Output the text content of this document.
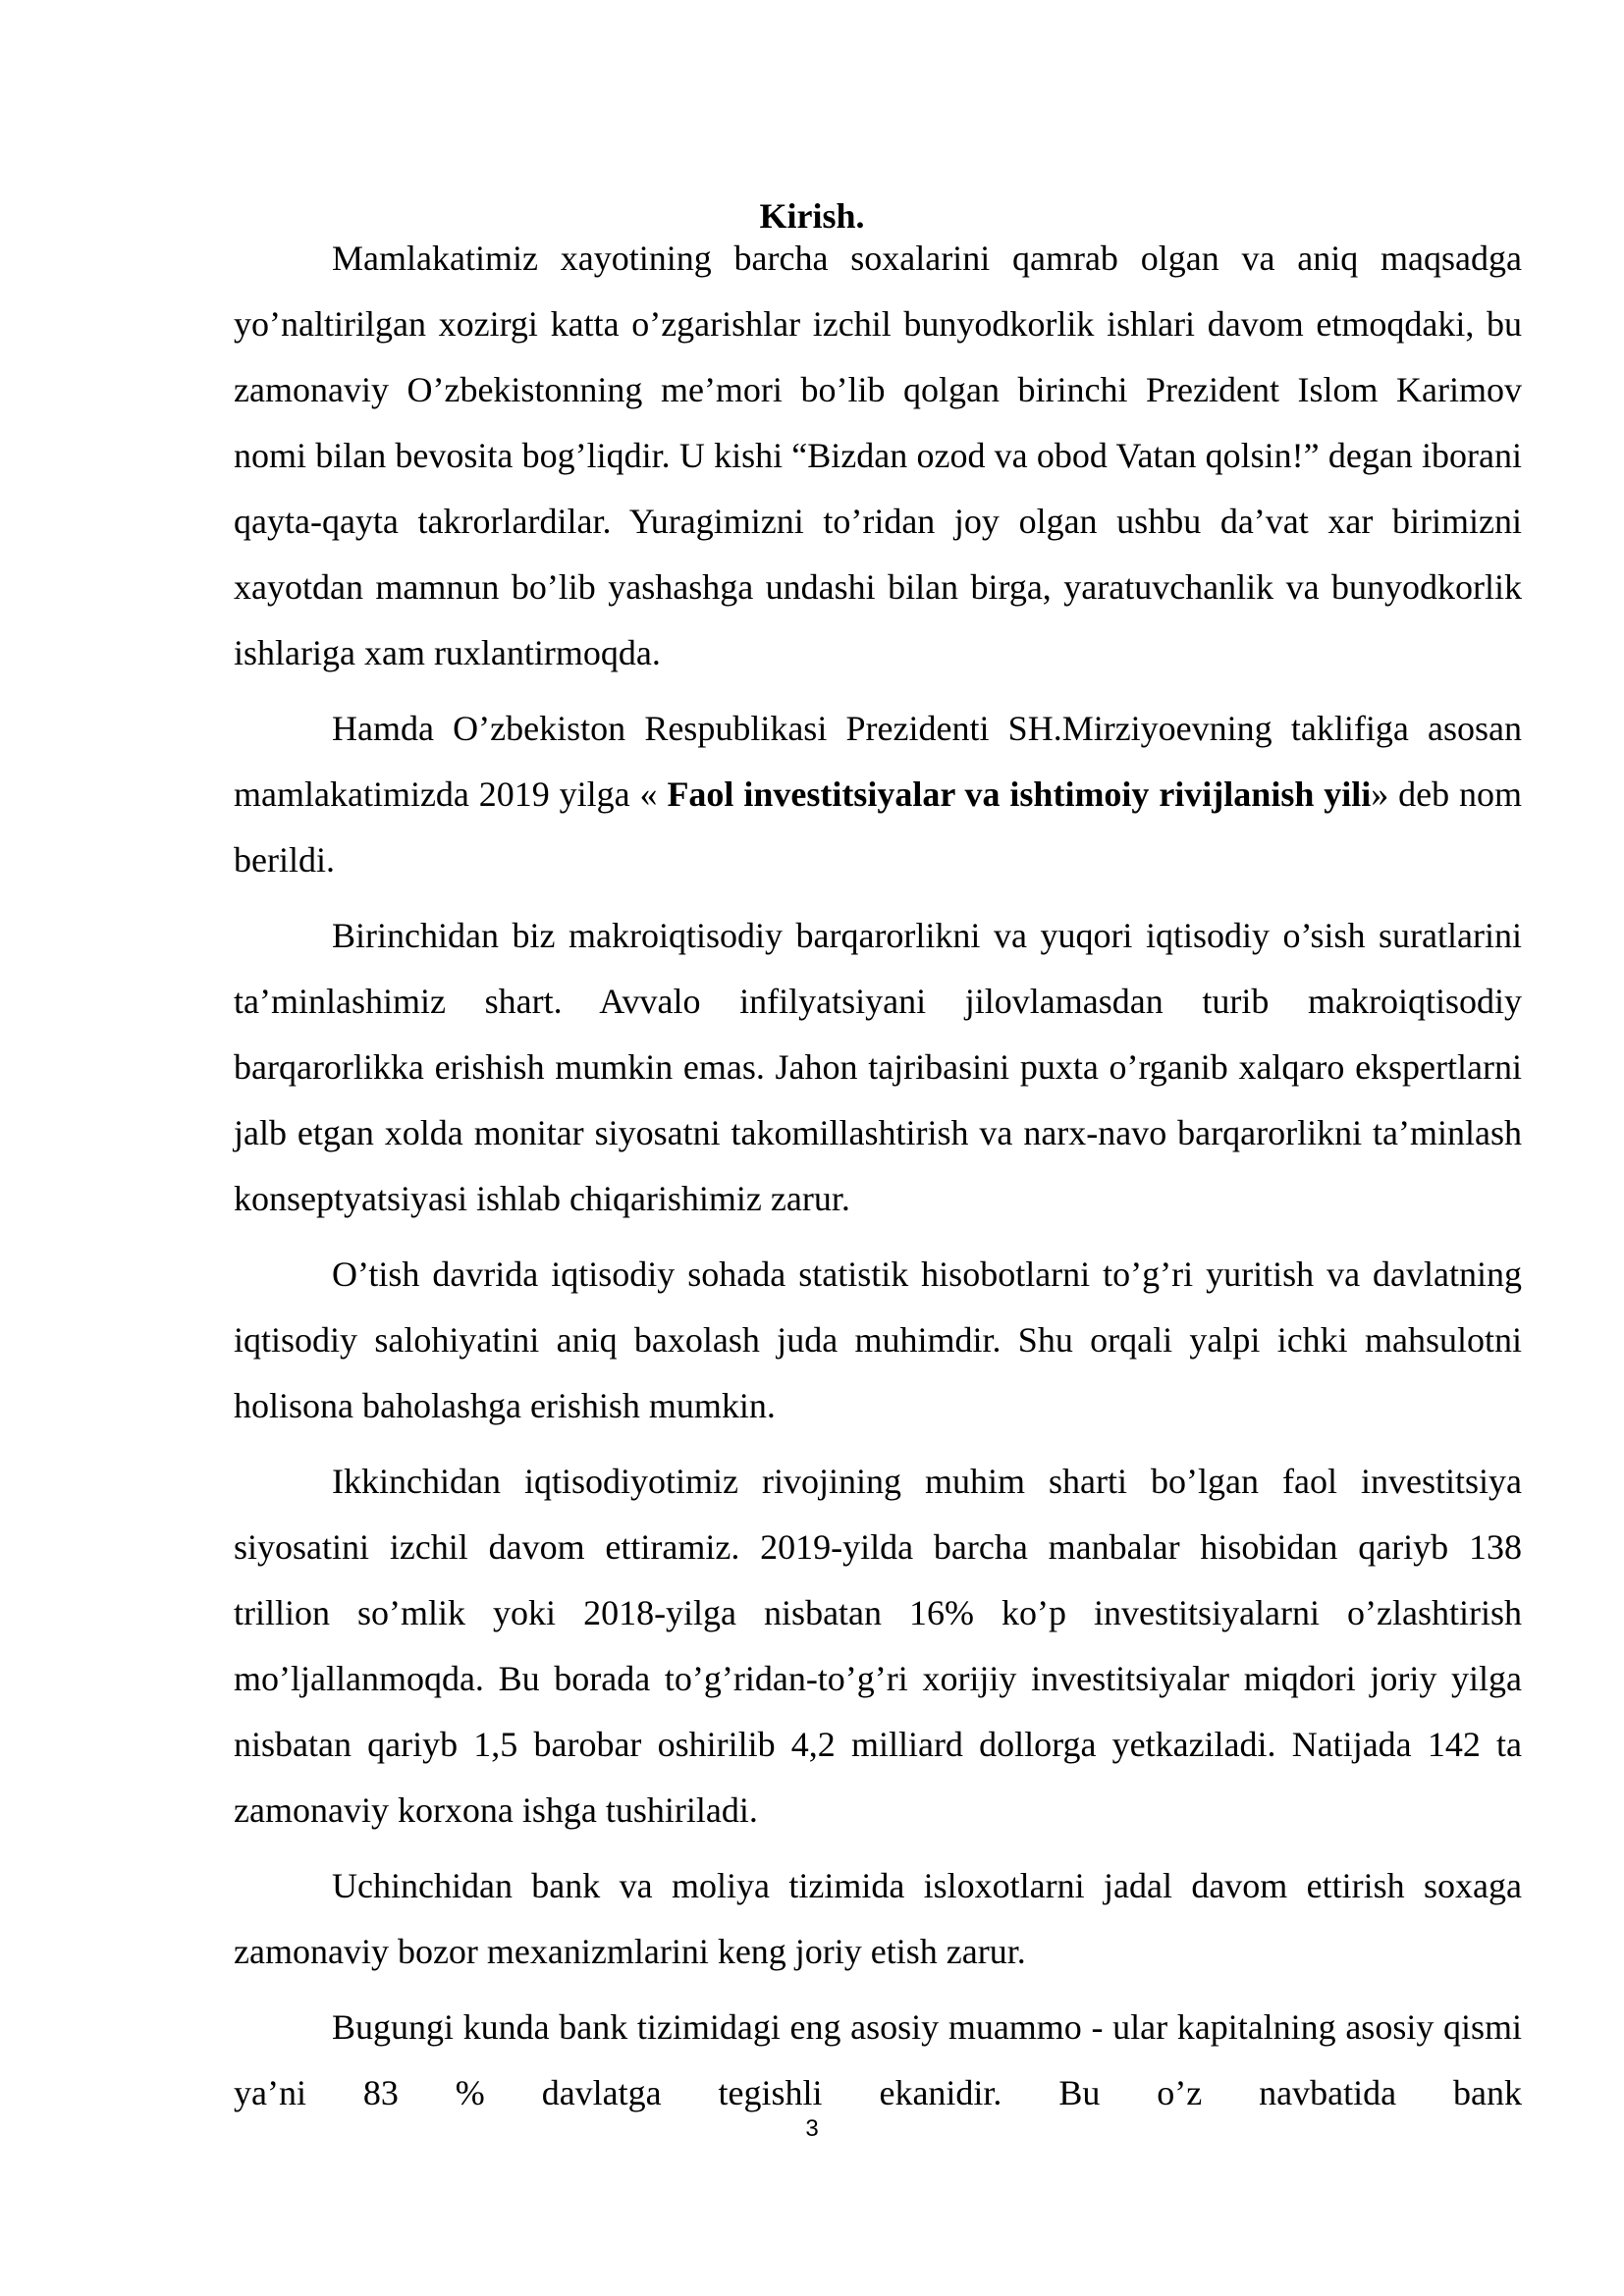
Kirish.

Mamlakatimiz xayotining barcha soxalarini qamrab olgan va aniq maqsadga yo’naltirilgan xozirgi katta o’zgarishlar izchil bunyodkorlik ishlari davom etmoqdaki, bu zamonaviy O’zbekistonning me’mori bo’lib qolgan birinchi Prezident Islom Karimov nomi bilan bevosita bog’liqdir. U kishi “Bizdan ozod va obod Vatan qolsin!” degan iborani qayta-qayta takrorlardilar. Yuragimizni to’ridan joy olgan ushbu da’vat xar birimizni xayotdan mamnun bo’lib yashashga undashi bilan birga, yaratuvchanlik va bunyodkorlik ishlariga xam ruxlantirmoqda.

Hamda O’zbekiston Respublikasi Prezidenti SH.Mirziyoevning taklifiga asosan mamlakatimizda 2019 yilga « Faol investitsiyalar va ishtimoiy rivijlanish yili» deb nom berildi.

Birinchidan biz makroiqtisodiy barqarorlikni va yuqori iqtisodiy o’sish suratlarini ta’minlashimiz shart. Avvalo infilyatsiyani jilovlamasdan turib makroiqtisodiy barqarorlikka erishish mumkin emas. Jahon tajribasini puxta o’rganib xalqaro ekspertlarni jalb etgan xolda monitar siyosatni takomillashtirish va narx-navo barqarorlikni ta’minlash konseptyatsiyasi ishlab chiqarishimiz zarur.

O’tish davrida iqtisodiy sohada statistik hisobotlarni to’g’ri yuritish va davlatning iqtisodiy salohiyatini aniq baxolash juda muhimdir. Shu orqali yalpi ichki mahsulotni holisona baholashga erishish mumkin.

Ikkinchidan iqtisodiyotimiz rivojining muhim sharti bo’lgan faol investitsiya siyosatini izchil davom ettiramiz. 2019-yilda barcha manbalar hisobidan qariyb 138 trillion so’mlik yoki 2018-yilga nisbatan 16% ko’p investitsiyalarni o’zlashtirish mo’ljallanmoqda. Bu borada to’g’ridan-to’g’ri xorijiy investitsiyalar miqdori joriy yilga nisbatan qariyb 1,5 barobar oshirilib 4,2 milliard dollorga yetkaziladi. Natijada 142 ta zamonaviy korxona ishga tushiriladi.

Uchinchidan bank va moliya tizimida isloxotlarni jadal davom ettirish soxaga zamonaviy bozor mexanizmlarini keng joriy etish zarur.

Bugungi kunda bank tizimidagi eng asosiy muammo - ular kapitalning asosiy qismi ya’ni 83 % davlatga tegishli ekanidir. Bu o’z navbatida bank

3
